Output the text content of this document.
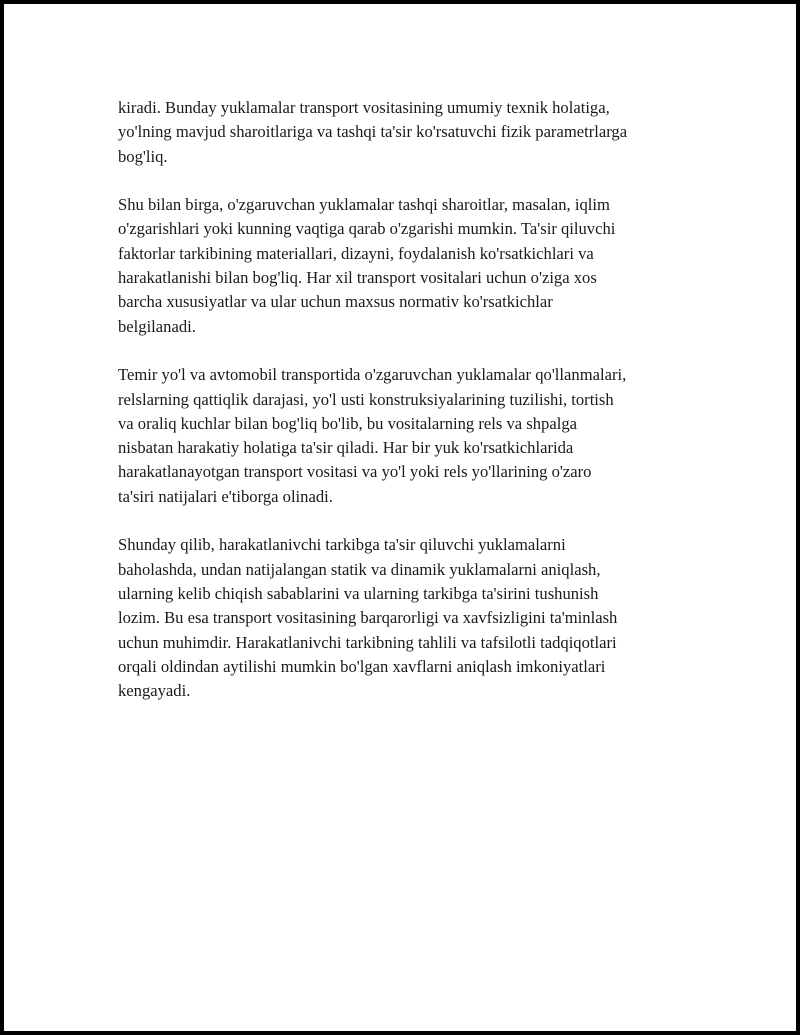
kiradi. Bunday yuklamalar transport vositasining umumiy texnik holatiga,
yo'lning mavjud sharoitlariga va tashqi ta'sir ko'rsatuvchi fizik parametrlarga
bog'liq.

Shu bilan birga, o'zgaruvchan yuklamalar tashqi sharoitlar, masalan, iqlim
o'zgarishlari yoki kunning vaqtiga qarab o'zgarishi mumkin. Ta'sir qiluvchi
faktorlar tarkibining materiallari, dizayni, foydalanish ko'rsatkichlari va
harakatlanishi bilan bog'liq. Har xil transport vositalari uchun o'ziga xos
barcha xususiyatlar va ular uchun maxsus normativ ko'rsatkichlar
belgilanadi.

Temir yo'l va avtomobil transportida o'zgaruvchan yuklamalar qo'llanmalari,
relslarning qattiqlik darajasi, yo'l usti konstruksiyalarining tuzilishi, tortish
va oraliq kuchlar bilan bog'liq bo'lib, bu vositalarning rels va shpalga
nisbatan harakatiy holatiga ta'sir qiladi. Har bir yuk ko'rsatkichlarida
harakatlanayotgan transport vositasi va yo'l yoki rels yo'llarining o'zaro
ta'siri natijalari e'tiborga olinadi.

Shunday qilib, harakatlanivchi tarkibga ta'sir qiluvchi yuklamalarni
baholashda, undan natijalangan statik va dinamik yuklamalarni aniqlash,
ularning kelib chiqish sabablarini va ularning tarkibga ta'sirini tushunish
lozim. Bu esa transport vositasining barqarorligi va xavfsizligini ta'minlash
uchun muhimdir. Harakatlanivchi tarkibning tahlili va tafsilotli tadqiqotlari
orqali oldindan aytilishi mumkin bo'lgan xavflarni aniqlash imkoniyatlari
kengayadi.
